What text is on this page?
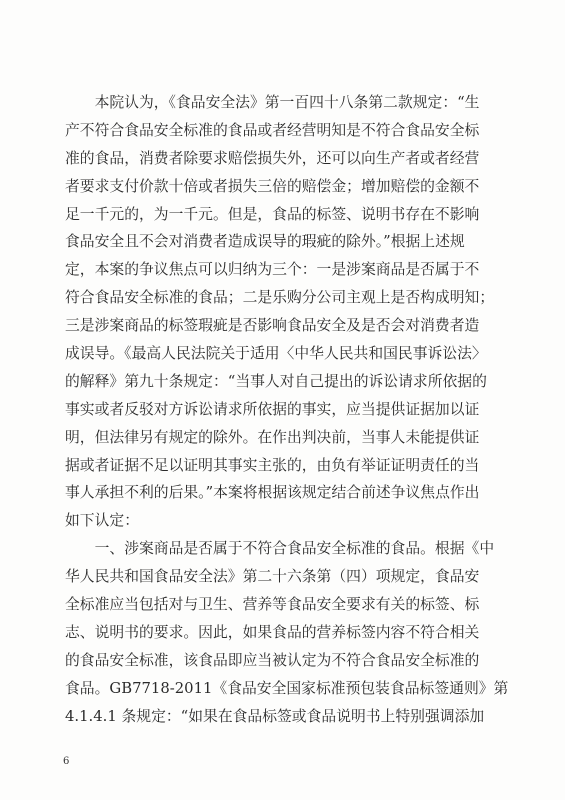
　　本院认为，《食品安全法》第一百四十八条第二款规定：“生
产不符合食品安全标准的食品或者经营明知是不符合食品安全标
准的食品，消费者除要求赔偿损失外，还可以向生产者或者经营
者要求支付价款十倍或者损失三倍的赔偿金；增加赔偿的金额不
足一千元的，为一千元。但是，食品的标签、说明书存在不影响
食品安全且不会对消费者造成误导的瑕疵的除外。”根据上述规
定，本案的争议焦点可以归纳为三个：一是涉案商品是否属于不
符合食品安全标准的食品；二是乐购分公司主观上是否构成明知；
三是涉案商品的标签瑕疵是否影响食品安全及是否会对消费者造
成误导。《最高人民法院关于适用〈中华人民共和国民事诉讼法〉
的解释》第九十条规定：“当事人对自己提出的诉讼请求所依据的
事实或者反驳对方诉讼请求所依据的事实，应当提供证据加以证
明，但法律另有规定的除外。在作出判决前，当事人未能提供证
据或者证据不足以证明其事实主张的，由负有举证证明责任的当
事人承担不利的后果。”本案将根据该规定结合前述争议焦点作出
如下认定：
　　一、涉案商品是否属于不符合食品安全标准的食品。根据《中
华人民共和国食品安全法》第二十六条第（四）项规定，食品安
全标准应当包括对与卫生、营养等食品安全要求有关的标签、标
志、说明书的要求。因此，如果食品的营养标签内容不符合相关
的食品安全标准，该食品即应当被认定为不符合食品安全标准的
食品。GB7718-2011《食品安全国家标准预包装食品标签通则》第
4.1.4.1 条规定：“如果在食品标签或食品说明书上特别强调添加
6
